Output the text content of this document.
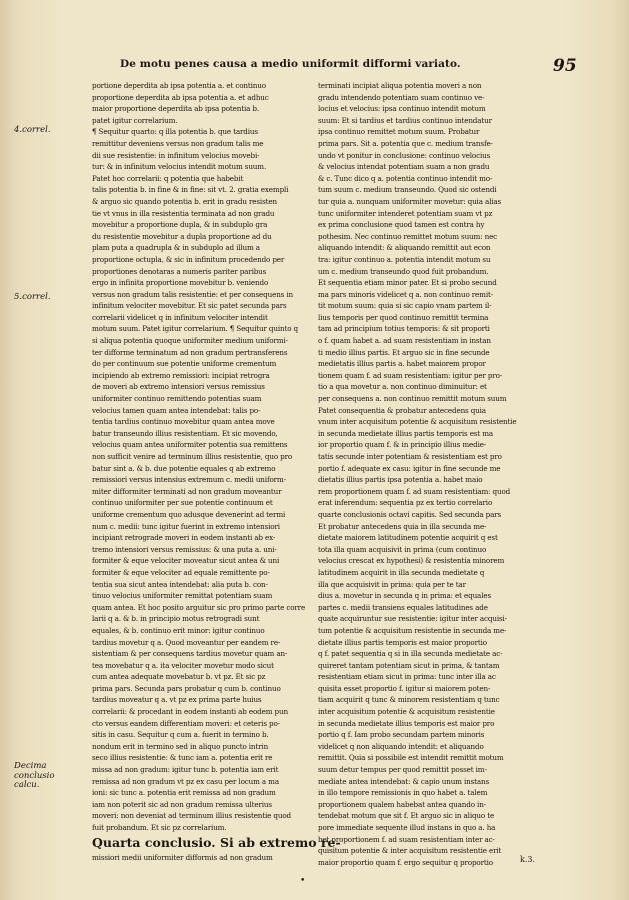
De motu penes causa a medio uniformit difformi variato.	95
4.correl.
5.correl.
Decima conclusio calcu.
portione deperdita ab ipsa potentia a. et continuo
proportione deperdita ab ipsa potentia a. et adhuc
maior proportione deperdita ab ipsa potentia b.
patet igitur correlarium.
¶ Sequitur quarto: q illa potentia b. que tardius
remittitur deveniens versus non gradum talis me
dii sue resistentie: in infinitum velocius movebi-
tur: & in infinitum velocius intendit motum suum.
Patet hoc correlarii: q potentia que habebit
talis potentia b. in fine & in fine: sit vt. 2. gratia exempli
& arguo sic quando potentia b. erit in gradu resisten
tie vt vnus in illa resistentia terminata ad non gradu
movebitur a proportione dupla, & in subduplo gra
du resistentie movebitur a dupla proportione ad du
plam puta a quadrupla & in subduplo ad illum a
proportione octupla, & sic in infinitum procedendo per
proportiones denotaras a numeris pariter paribus
ergo in infinita proportione movebitur b. veniendo
versus non gradum talis resistentie: et per consequens in
infinitum velociter movebitur. Et sic patet secunda pars
correlarii videlicet q in infinitum velociter intendit
motum suum. Patet igitur correlarium. ¶ Sequitur quinto q
si aliqua potentia quoque uniformiter medium uniformi-
ter difforme terminatum ad non gradum pertransferens
do per continuum sue potentie uniforme crementum
incipiendo ab extremo remissiori: incipiat retrogra
de moveri ab extremo intensiori versus remissius
uniformiter continuo remittendo potentias suam
velocius tamen quam antea intendebat: talis po-
tentia tardius continuo movebitur quam antea move
batur transeundo illius resistentiam. Et sic movendo,
velocius quam antea uniformiter potentia sua remittens
non sufficit venire ad terminum illius resistentie, quo pro
batur sint a. & b. due potentie equales q ab extremo
remissiori versus intensius extremum c. medii uniform-
miter difformiter terminati ad non gradum moveantur
continuo uniformiter per sue potentie continuum et
uniforme crementum quo adusque devenerint ad termi
num c. medii: tunc igitur fuerint in extremo intensiori
incipiant retrograde moveri in eodem instanti ab ex-
tremo intensiori versus remissius: & una puta a. uni-
formiter & eque velociter moveatur sicut antea & uni
formiter & eque velociter ad equale remittente po-
tentia sua sicut antea intendebat: alia puta b. con-
tinuo velocius uniformiter remittat potentiam suam
quam antea. Et hoc posito arguitur sic pro primo parte corre
larii q a. & b. in principio motus retrogradi sunt
equales, & b. continuo erit minor: igitur continuo
tardius movetur q a. Quod moveantur per eandem re-
sistentiam & per consequens tardius movetur quam an-
tea movebatur q a. ita velociter movetur modo sicut
cum antea adequate movebatur b. vt pz. Et sic pz
prima pars. Secunda pars probatur q cum b. continuo
tardius moveatur q a. vt pz ex prima parte huius
correlarii: & procedant in eodem instanti ab eodem pun
cto versus eandem differentiam moveri: et ceteris po-
sitis in casu. Sequitur q cum a. fuerit in termino b.
nondum erit in termino sed in aliquo puncto intrin
seco illius resistentie: & tunc iam a. potentia erit re
missa ad non gradum: igitur tunc b. potentia iam erit
remissa ad non gradum vt pz ex casu per locum a ma
ioni: sic tunc a. potentia erit remissa ad non gradum
iam non poterit sic ad non gradum remissa ulterius
moveri: non deveniat ad terminum illius resistentie quod
fuit probandum. Et sic pz correlarium.
Quarta conclusio. Si ab extremo re-
missiori medii uniformiter difformis ad non gradum
terminati incipiat aliqua potentia moveri a non
gradu intendendo potentiam suam continuo ve-
locius et velocius: ipsa continuo intendit motum
suum: Et si tardius et tardius continuo intendatur
ipsa continuo remittet motum suum. Probatur
prima pars. Sit a. potentia que c. medium transfe-
undo vt ponitur in conclusione: continuo velocius
& velocius intendat potentiam suam a non gradu
& c. Tunc dico q a. potentia continuo intendit mo-
tum suum c. medium transeundo. Quod sic ostendi
tur quia a. nunquam uniformiter movetur: quia alias
tunc uniformiter intenderet potentiam suam vt pz
ex prima conclusione quod tamen est contra hy
pothesim. Nec continuo remittet motum suum: nec
aliquando intendit: & aliquando remittit aut econ
tra: igitur continuo a. potentia intendit motum su
um c. medium transeundo quod fuit probandum.
Et sequentia etiam minor pater. Et si probo secund
ma pars minoris videlicet q a. non continuo remit-
tit motum suum: quia si sic capio vnam partem il-
lius temporis per quod continuo remittit termina
tam ad principium totius temporis: & sit proporti
o f. quam habet a. ad suam resistentiam in instan
ti medio illius partis. Et arguo sic in fine secunde
medietatis illius partis a. habet maiorem propor
tionem quam f. ad suam resistentiam: igitur per pro-
tio a qua movetur a. non continuo diminuitur: et
per consequens a. non continuo remittit motum suum
Patet consequentia & probatur antecedens quia
vnum inter acquisitum potentie & acquisitum resistentie
in secunda medietate illius partis temporis est ma
ior proportio quam f. & in principio illius medie-
tatis secunde inter potentiam & resistentiam est pro
portio f. adequate ex casu: igitur in fine secunde me
dietatis illius partis ipsa potentia a. habet maio
rem proportionem quam f. ad suam resistentiam: quod
erat inferendum: sequentia pz ex tertio correlario
quarte conclusionis octavi capitis. Sed secunda pars
Et probatur antecedens quia in illa secunda me-
dietate maiorem latitudinem potentie acquirit q est
tota illa quam acquisivit in prima (cum continuo
velocius crescat ex hypothesi) & resistentia minorem
latitudinem acquirit in illa secunda medietate q
illa que acquisivit in prima: quia per te tar
dius a. movetur in secunda q in prima: et equales
partes c. medii transiens equales latitudines ade
quate acquiruntur sue resistentie: igitur inter acquisi-
tum potentie & acquisitum resistentie in secunda me-
dietate illius partis temporis est maior proportio
q f. patet sequentia q si in illa secunda medietate ac-
quireret tantam potentiam sicut in prima, & tantam
resistentiam etiam sicut in prima: tunc inter illa ac
quisita esset proportio f. igitur si maiorem poten-
tiam acquirit q tunc & minorem resistentiam q tunc
inter acquisitum potentie & acquisitum resistentie
in secunda medietate illius temporis est maior pro
portio q f. Iam probo secundam partem minoris
videlicet q non aliquando intendit: et aliquando
remittit. Quia si possibile est intendit remittit motum
suum detur tempus per quod remittit posset im-
mediate antea intendebat: & capio unum instans
in illo tempore remissionis in quo habet a. talem
proportionem qualem habebat antea quando in-
tendebat motum que sit f. Et arguo sic in aliquo te
pore immediate sequente illud instans in quo a. ha
bet proportionem f. ad suam resistentiam inter ac-
quisitum potentie & inter acquisitum resistentie erit
maior proportio quam f. ergo sequitur q proportio	k.3.
•
